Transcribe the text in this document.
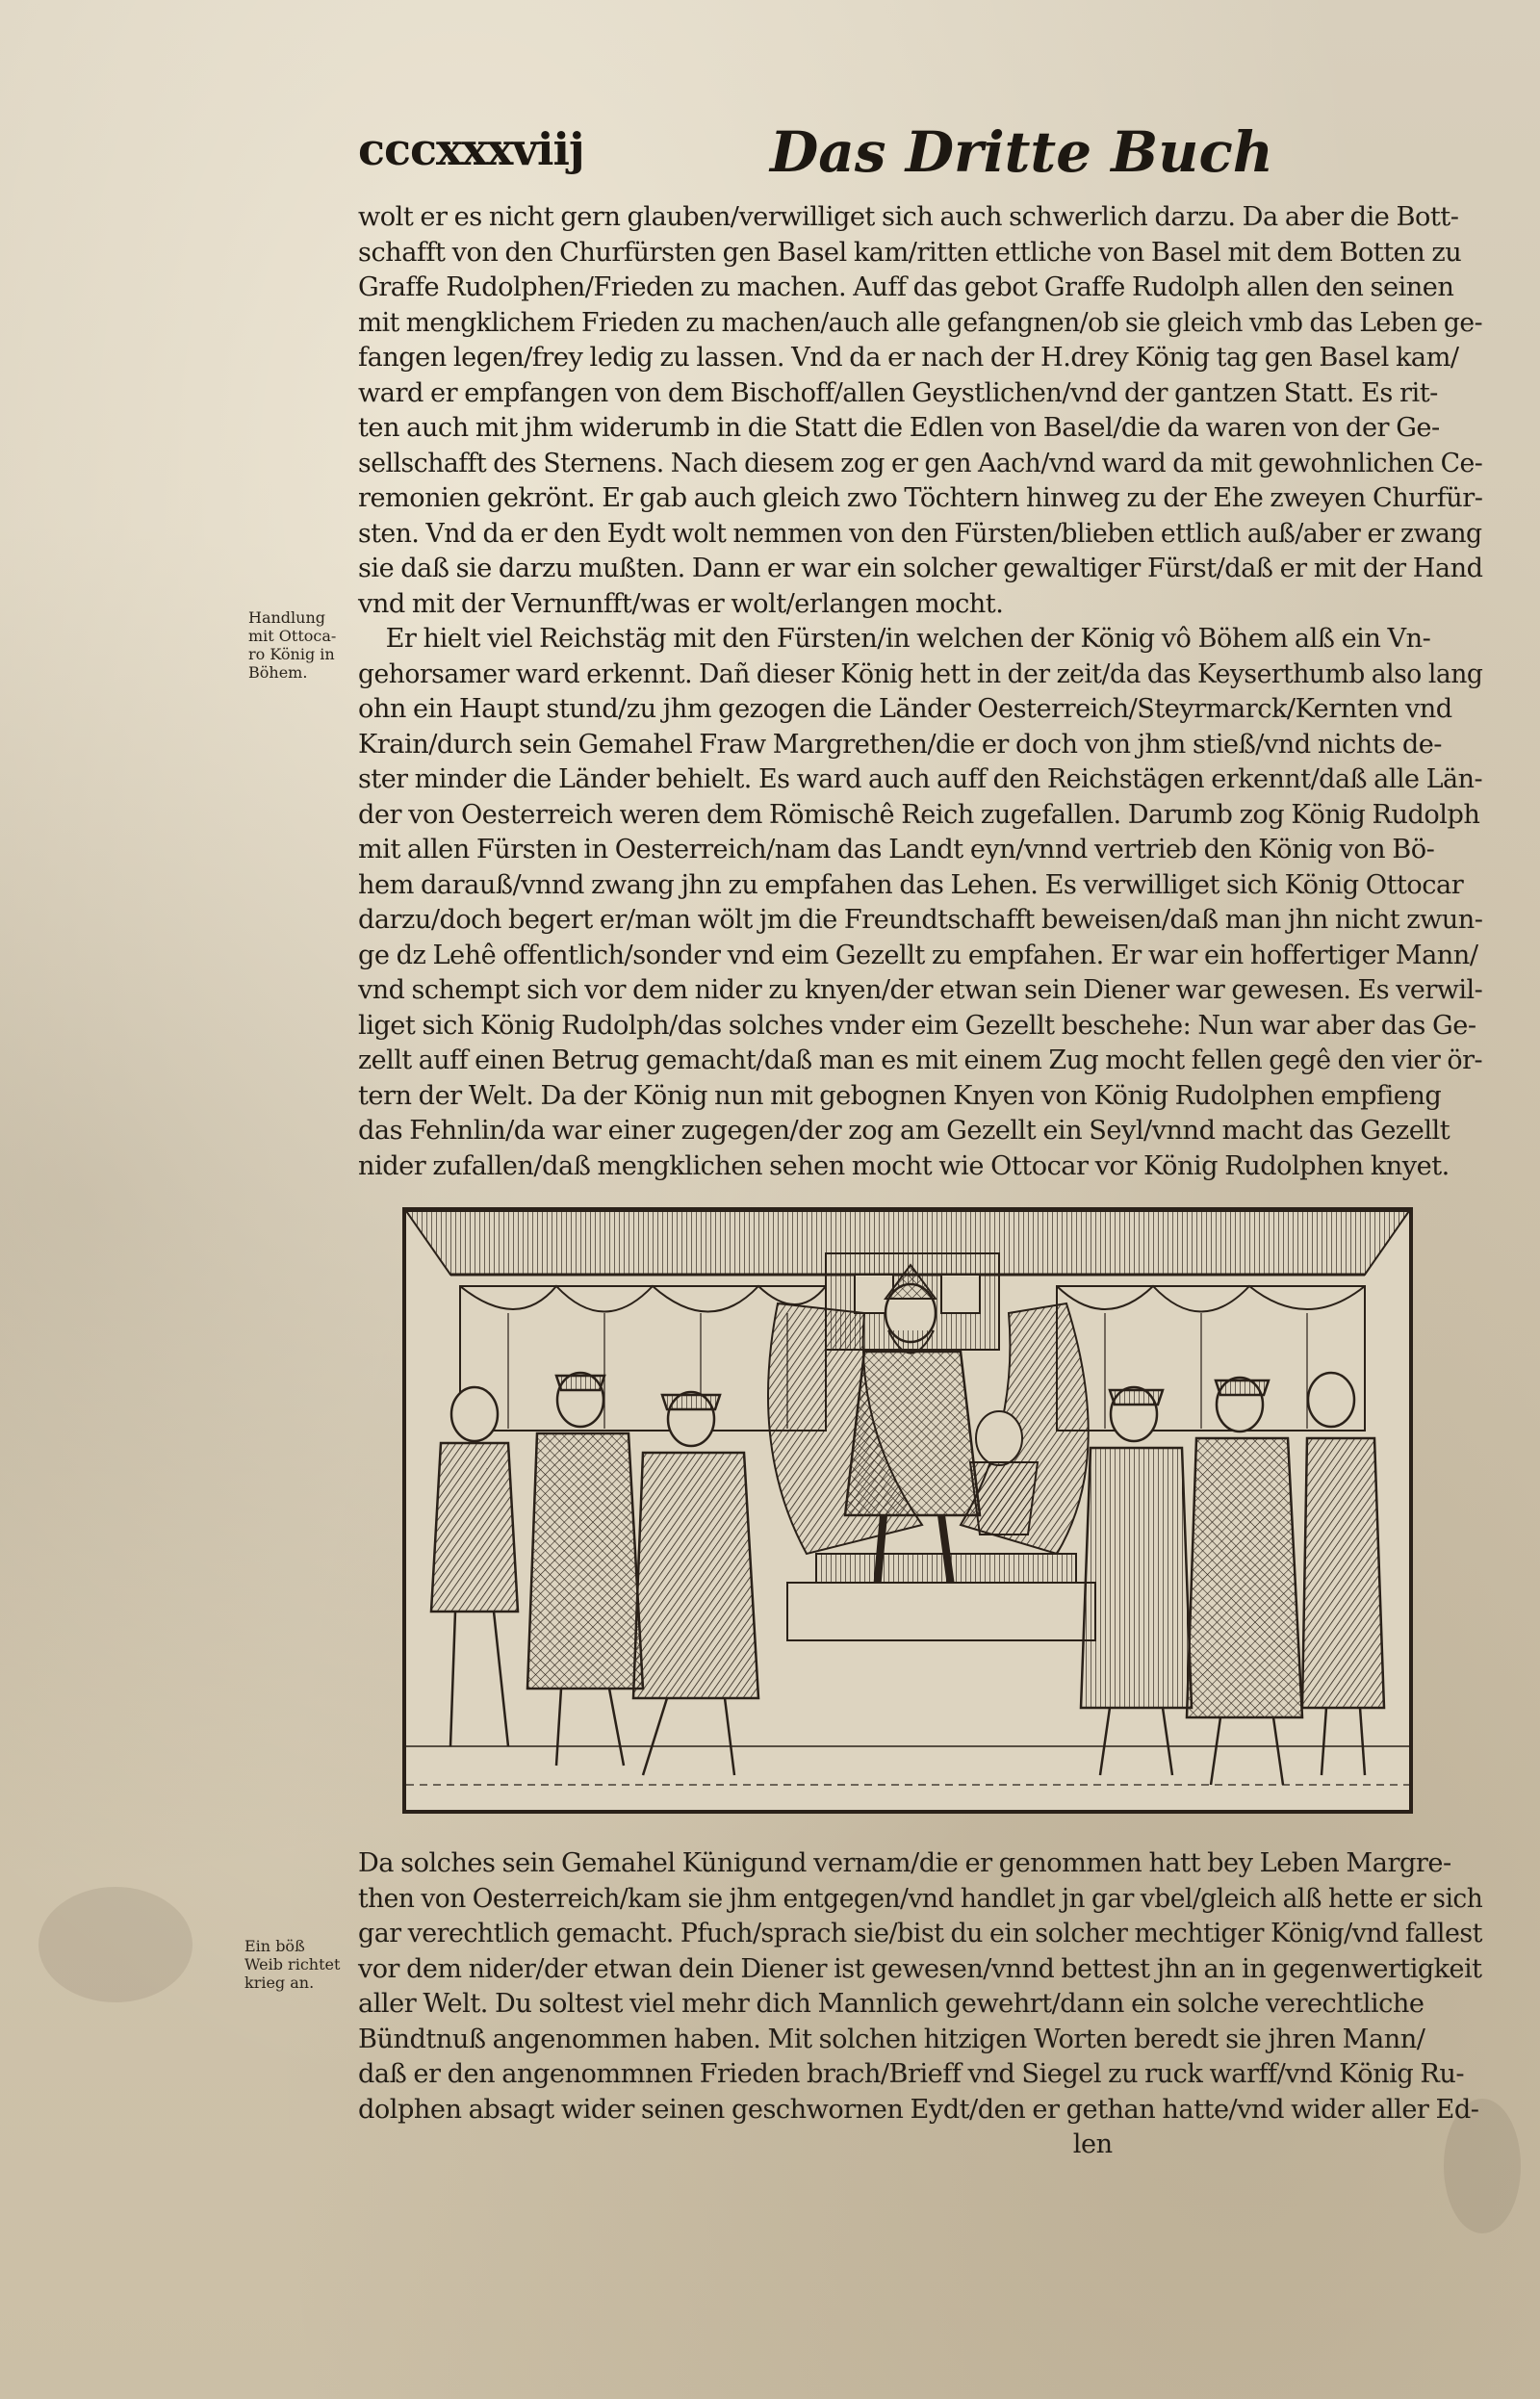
cccxxxviij	Das Dritte Buch
Handlung
mit Ottoca-
ro König in
Böhem.
wolt er es nicht gern glauben/verwilliget sich auch schwerlich darzu. Da aber die Bott-
schafft von den Churfürsten gen Basel kam/ritten ettliche von Basel mit dem Botten zu
Graffe Rudolphen/Frieden zu machen. Auff das gebot Graffe Rudolph allen den seinen
mit mengklichem Frieden zu machen/auch alle gefangnen/ob sie gleich vmb das Leben ge-
fangen legen/frey ledig zu lassen. Vnd da er nach der H.drey König tag gen Basel kam/
ward er empfangen von dem Bischoff/allen Geystlichen/vnd der gantzen Statt. Es rit-
ten auch mit jhm widerumb in die Statt die Edlen von Basel/die da waren von der Ge-
sellschafft des Sternens. Nach diesem zog er gen Aach/vnd ward da mit gewohnlichen Ce-
remonien gekrönt. Er gab auch gleich zwo Töchtern hinweg zu der Ehe zweyen Churfür-
sten. Vnd da er den Eydt wolt nemmen von den Fürsten/blieben ettlich auß/aber er zwang
sie daß sie darzu mußten. Dann er war ein solcher gewaltiger Fürst/daß er mit der Hand
vnd mit der Vernunfft/was er wolt/erlangen mocht.
Er hielt viel Reichstäg mit den Fürsten/in welchen der König vô Böhem alß ein Vn-
gehorsamer ward erkennt. Dañ dieser König hett in der zeit/da das Keyserthumb also lang
ohn ein Haupt stund/zu jhm gezogen die Länder Oesterreich/Steyrmarck/Kernten vnd
Krain/durch sein Gemahel Fraw Margrethen/die er doch von jhm stieß/vnd nichts de-
ster minder die Länder behielt. Es ward auch auff den Reichstägen erkennt/daß alle Län-
der von Oesterreich weren dem Römischê Reich zugefallen. Darumb zog König Rudolph
mit allen Fürsten in Oesterreich/nam das Landt eyn/vnnd vertrieb den König von Bö-
hem darauß/vnnd zwang jhn zu empfahen das Lehen. Es verwilliget sich König Ottocar
darzu/doch begert er/man wölt jm die Freundtschafft beweisen/daß man jhn nicht zwun-
ge dz Lehê offentlich/sonder vnd eim Gezellt zu empfahen. Er war ein hoffertiger Mann/
vnd schempt sich vor dem nider zu knyen/der etwan sein Diener war gewesen. Es verwil-
liget sich König Rudolph/das solches vnder eim Gezellt beschehe: Nun war aber das Ge-
zellt auff einen Betrug gemacht/daß man es mit einem Zug mocht fellen gegê den vier ör-
tern der Welt. Da der König nun mit gebognen Knyen von König Rudolphen empfieng
das Fehnlin/da war einer zugegen/der zog am Gezellt ein Seyl/vnnd macht das Gezellt
nider zufallen/daß mengklichen sehen mocht wie Ottocar vor König Rudolphen knyet.
Ein böß
Weib richtet
krieg an.
Da solches sein Gemahel Künigund vernam/die er genommen hatt bey Leben Margre-
then von Oesterreich/kam sie jhm entgegen/vnd handlet jn gar vbel/gleich alß hette er sich
gar verechtlich gemacht. Pfuch/sprach sie/bist du ein solcher mechtiger König/vnd fallest
vor dem nider/der etwan dein Diener ist gewesen/vnnd bettest jhn an in gegenwertigkeit
aller Welt. Du soltest viel mehr dich Mannlich gewehrt/dann ein solche verechtliche
Bündtnuß angenommen haben. Mit solchen hitzigen Worten beredt sie jhren Mann/
daß er den angenommnen Frieden brach/Brieff vnd Siegel zu ruck warff/vnd König Ru-
dolphen absagt wider seinen geschwornen Eydt/den er gethan hatte/vnd wider aller Ed-
len
